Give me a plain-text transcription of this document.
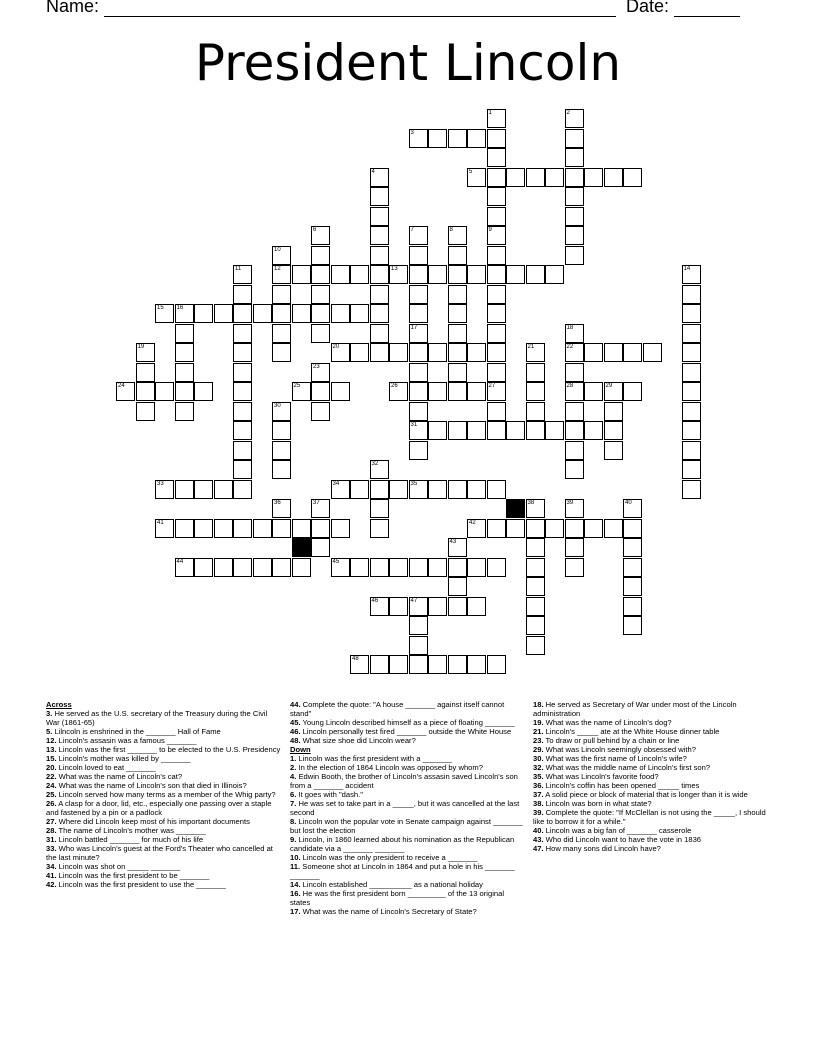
Name:	Date:
President Lincoln
3
5
12	13
15 16
20	22
24	25	26	27	28	29
31
33	34	35
41	42
44	45
46	47
48
1
9
2
4
6	7
17
8
10
11	14
18
19	21
23
30
32
36	37	38	39	40
43

Across

3. He served as the U.S. secretary of the Treasury during the Civil War (1861-65)

5. Lilncoln is enshrined in the _______ Hall of Fame

12. Lincoln's assasin was a famous _______

13. Lincoln was the first _______ to be elected to the U.S. Presidency

15. Lincoln's mother was killed by _______

20. Lincoln loved to eat _______

22. What was the name of Lincoln's cat?

24. What was the name of Lincoln's son that died in Illinois?

25. Lincoln served how many terms as a member of the Whig party?

26. A clasp for a door, lid, etc., especially one passing over a staple and fastened by a pin or a padlock

27. Where did Lincoln keep most of his important documents

28. The name of Lincoln's mother was _______

31. Lincoln battled _______ for much of his life

33. Who was Lincoln's guest at the Ford's Theater who cancelled at the last minute?

34. Lincoln was shot on _____ _______

41. Lincoln was the first president to be _______

42. Lincoln was the first president to use the _______

44. Complete the quote: "A house _______ against itself cannot stand"

45. Young Lincoln described himself as a piece of floating _______

46. Lincoln personally test fired _______ outside the White House

48. What size shoe did Lincoln wear?

Down

1. Lincoln was the first president with a _______

2. In the election of 1864 Lincoln was opposed by whom?

4. Edwin Booth, the brother of Lincoln's assasin saved Lincoln's son from a _______ accident

6. It goes with "dash."

7. He was set to take part in a _____, but it was cancelled at the last second

8. Lincoln won the popular vote in Senate campaign against _______ but lost the election

9. Lincoln, in 1860 learned about his nomination as the Republican candidate via a _______ _______

10. Lincoln was the only president to receive a _______

11. Someone shot at Lincoln in 1864 and put a hole in his _______ _______

14. Lincoln established __________ as a national holiday

16. He was the first president born _________ of the 13 original states

17. What was the name of Lincoln's Secretary of State?

18. He served as Secretary of War under most of the Lincoln administration

19. What was the name of Lincoln's dog?

21. Lincoln's _____ ate at the White House dinner table

23. To draw or pull behind by a chain or line

29. What was Lincoln seemingly obsessed with?

30. What was the first name of Lincoln's wife?

32. What was the middle name of Lincoln's first son?

35. What was Lincoln's favorite food?

36. Lincoln's coffin has been opened _____ times

37. A solid piece or block of material that is longer than it is wide

38. Lincoln was born in what state?

39. Complete the quote: "If McClellan is not using the _____, I should like to borrow it for a while."

40. Lincoln was a big fan of _______ casserole

43. Who did Lincoln want to have the vote in 1836

47. How many sons did Lincoln have?
